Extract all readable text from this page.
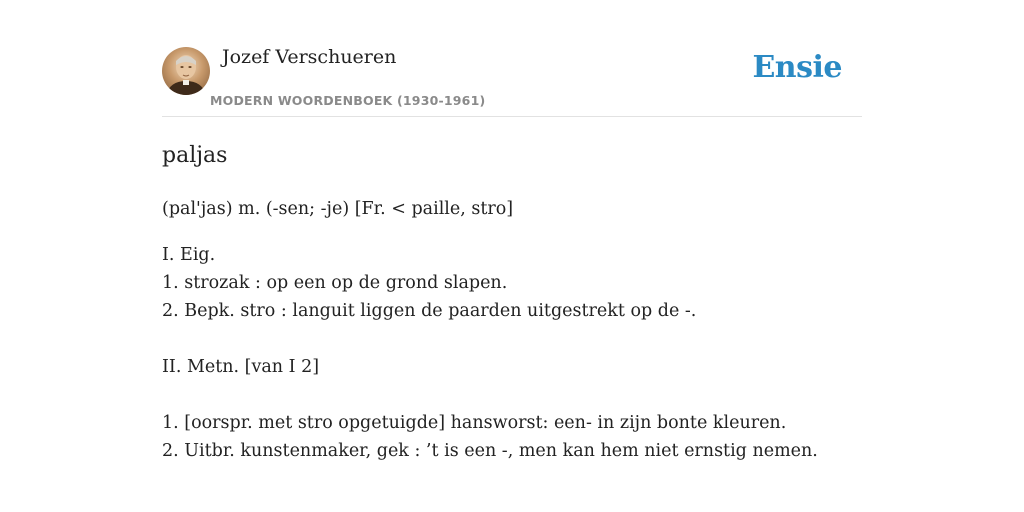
Jozef Verschueren
MODERN WOORDENBOEK (1930-1961)
Ensie
paljas
(pal'jas) m. (-sen; -je) [Fr. < paille, stro]
I. Eig.
1. strozak : op een op de grond slapen.
2. Bepk. stro : languit liggen de paarden uitgestrekt op de -.
II. Metn. [van I 2]
1. [oorspr. met stro opgetuigde] hansworst: een- in zijn bonte kleuren.
2. Uitbr. kunstenmaker, gek : ’t is een -, men kan hem niet ernstig nemen.
